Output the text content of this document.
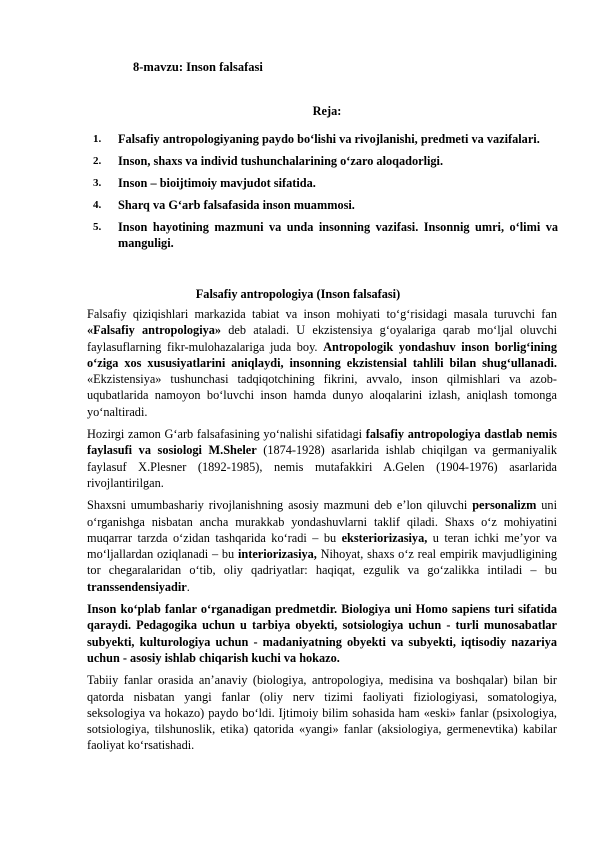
8-mavzu: Inson falsafasi
Reja:
1.	Falsafiy antropologiyaning paydo bo‘lishi va rivojlanishi, predmeti va vazifalari.
2.	Inson, shaxs va individ tushunchalarining o‘zaro aloqadorligi.
3.	Inson – bioijtimoiy mavjudot sifatida.
4.	Sharq va G‘arb falsafasida inson muammosi.
5.	Inson hayotining mazmuni va unda insonning vazifasi. Insonnig umri, o‘limi va manguligi.
Falsafiy antropologiya (Inson falsafasi)

Falsafiy qiziqishlari markazida tabiat va inson mohiyati to‘g‘risidagi masala turuvchi fan «Falsafiy antropologiya» deb ataladi. U ekzistensiya g‘oyalariga qarab mo‘ljal oluvchi faylasuflarning fikr-mulohazalariga juda boy. Antropologik yondashuv inson borlig‘ining o‘ziga xos xususiyatlarini aniqlaydi, insonning ekzistensial tahlili bilan shug‘ullanadi. «Ekzistensiya» tushunchasi tadqiqotchining fikrini, avvalo, inson qilmishlari va azob-uqubatlarida namoyon bo‘luvchi inson hamda dunyo aloqalarini izlash, aniqlash tomonga yo‘naltiradi.

Hozirgi zamon G‘arb falsafasining yo‘nalishi sifatidagi falsafiy antropologiya dastlab nemis faylasufi va sosiologi M.Sheler (1874-1928) asarlarida ishlab chiqilgan va germaniyalik faylasuf X.Plesner (1892-1985), nemis mutafakkiri A.Gelen (1904-1976) asarlarida rivojlantirilgan.

Shaxsni umumbashariy rivojlanishning asosiy mazmuni deb e’lon qiluvchi personalizm uni o‘rganishga nisbatan ancha murakkab yondashuvlarni taklif qiladi. Shaxs o‘z mohiyatini muqarrar tarzda o‘zidan tashqarida ko‘radi – bu eksteriorizasiya, u teran ichki me’yor va mo‘ljallardan oziqlanadi – bu interiorizasiya, Nihoyat, shaxs o‘z real empirik mavjudligining tor chegaralaridan o‘tib, oliy qadriyatlar: haqiqat, ezgulik va go‘zalikka intiladi – bu transsendensiyadir.

Inson ko‘plab fanlar o‘rganadigan predmetdir. Biologiya uni Homo sapiens turi sifatida qaraydi. Pedagogika uchun u tarbiya obyekti, sotsiologiya uchun - turli munosabatlar subyekti, kulturologiya uchun - madaniyatning obyekti va subyekti, iqtisodiy nazariya uchun - asosiy ishlab chiqarish kuchi va hokazo.

Tabiiy fanlar orasida an’anaviy (biologiya, antropologiya, medisina va boshqalar) bilan bir qatorda nisbatan yangi fanlar (oliy nerv tizimi faoliyati fiziologiyasi, somatologiya, seksologiya va hokazo) paydo bo‘ldi. Ijtimoiy bilim sohasida ham «eski» fanlar (psixologiya, sotsiologiya, tilshunoslik, etika) qatorida «yangi» fanlar (aksiologiya, germenevtika) kabilar faoliyat ko‘rsatishadi.
